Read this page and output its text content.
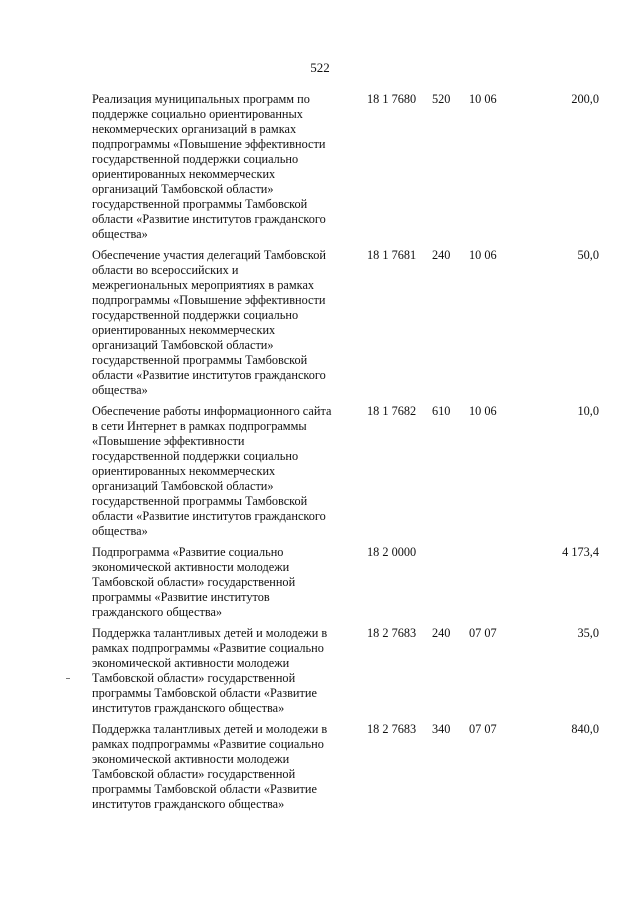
522
Реализация муниципальных программ по
поддержке социально ориентированных
некоммерческих организаций в рамках
подпрограммы «Повышение эффективности
государственной поддержки социально
ориентированных некоммерческих
организаций Тамбовской области»
государственной программы Тамбовской
области «Развитие институтов гражданского
общества»
18 1 7680 520 10 06	200,0
Обеспечение участия делегаций Тамбовской
области во всероссийских и
межрегиональных мероприятиях в рамках
подпрограммы «Повышение эффективности
государственной поддержки социально
ориентированных некоммерческих
организаций Тамбовской области»
государственной программы Тамбовской
области «Развитие институтов гражданского
общества»
18 1 7681 240 10 06	50,0
Обеспечение работы информационного сайта
в сети Интернет в рамках подпрограммы
«Повышение эффективности
государственной поддержки социально
ориентированных некоммерческих
организаций Тамбовской области»
государственной программы Тамбовской
области «Развитие институтов гражданского
общества»
18 1 7682 610 10 06	10,0
Подпрограмма «Развитие социально
экономической активности молодежи
Тамбовской области» государственной
программы «Развитие институтов
гражданского общества»
18 2 0000	4 173,4
Поддержка талантливых детей и молодежи в
рамках подпрограммы «Развитие социально
экономической активности молодежи
Тамбовской области» государственной
программы Тамбовской области «Развитие
институтов гражданского общества»
18 2 7683 240 07 07	35,0
Поддержка талантливых детей и молодежи в
рамках подпрограммы «Развитие социально
экономической активности молодежи
Тамбовской области» государственной
программы Тамбовской области «Развитие
институтов гражданского общества»
18 2 7683 340 07 07	840,0
